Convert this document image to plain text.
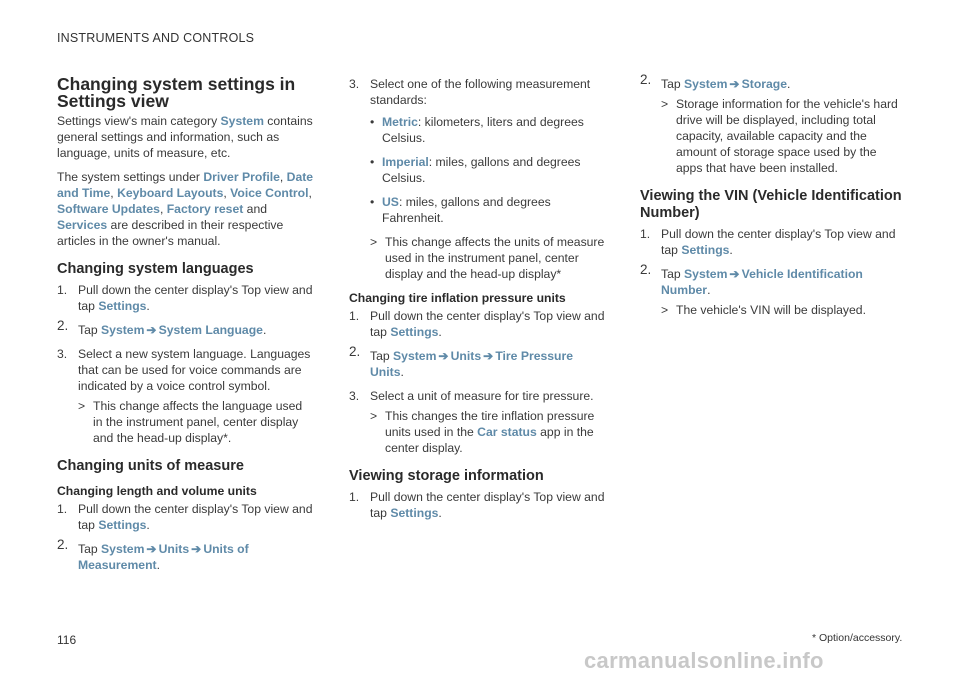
INSTRUMENTS AND CONTROLS
Changing system settings in
Settings view

Settings view's main category System contains general settings and information, such as language, units of measure, etc.

The system settings under Driver Profile, Date and Time, Keyboard Layouts, Voice Control, Software Updates, Factory reset and Services are described in their respective articles in the owner's manual.

Changing system languages
1. Pull down the center display's Top view and tap Settings.
2. Tap System ➔ System Language.
3. Select a new system language. Languages that can be used for voice commands are indicated by a voice control symbol.
> This change affects the language used in the instrument panel, center display and the head-up display*.
Changing units of measure
Changing length and volume units
1. Pull down the center display's Top view and tap Settings.
2. Tap System ➔ Units ➔ Units of Measurement.
3. Select one of the following measurement standards:
• Metric: kilometers, liters and degrees Celsius.
• Imperial: miles, gallons and degrees Celsius.
• US: miles, gallons and degrees Fahrenheit.
> This change affects the units of measure used in the instrument panel, center display and the head-up display*
Changing tire inflation pressure units
1. Pull down the center display's Top view and tap Settings.
2. Tap System ➔ Units ➔ Tire Pressure Units.
3. Select a unit of measure for tire pressure.
> This changes the tire inflation pressure units used in the Car status app in the center display.
Viewing storage information
1. Pull down the center display's Top view and tap Settings.
2. Tap System ➔ Storage.
> Storage information for the vehicle's hard drive will be displayed, including total capacity, available capacity and the amount of storage space used by the apps that have been installed.
Viewing the VIN (Vehicle Identification Number)
1. Pull down the center display's Top view and tap Settings.
2. Tap System ➔ Vehicle Identification Number.
> The vehicle's VIN will be displayed.
* Option/accessory.
116
carmanualsonline.info
